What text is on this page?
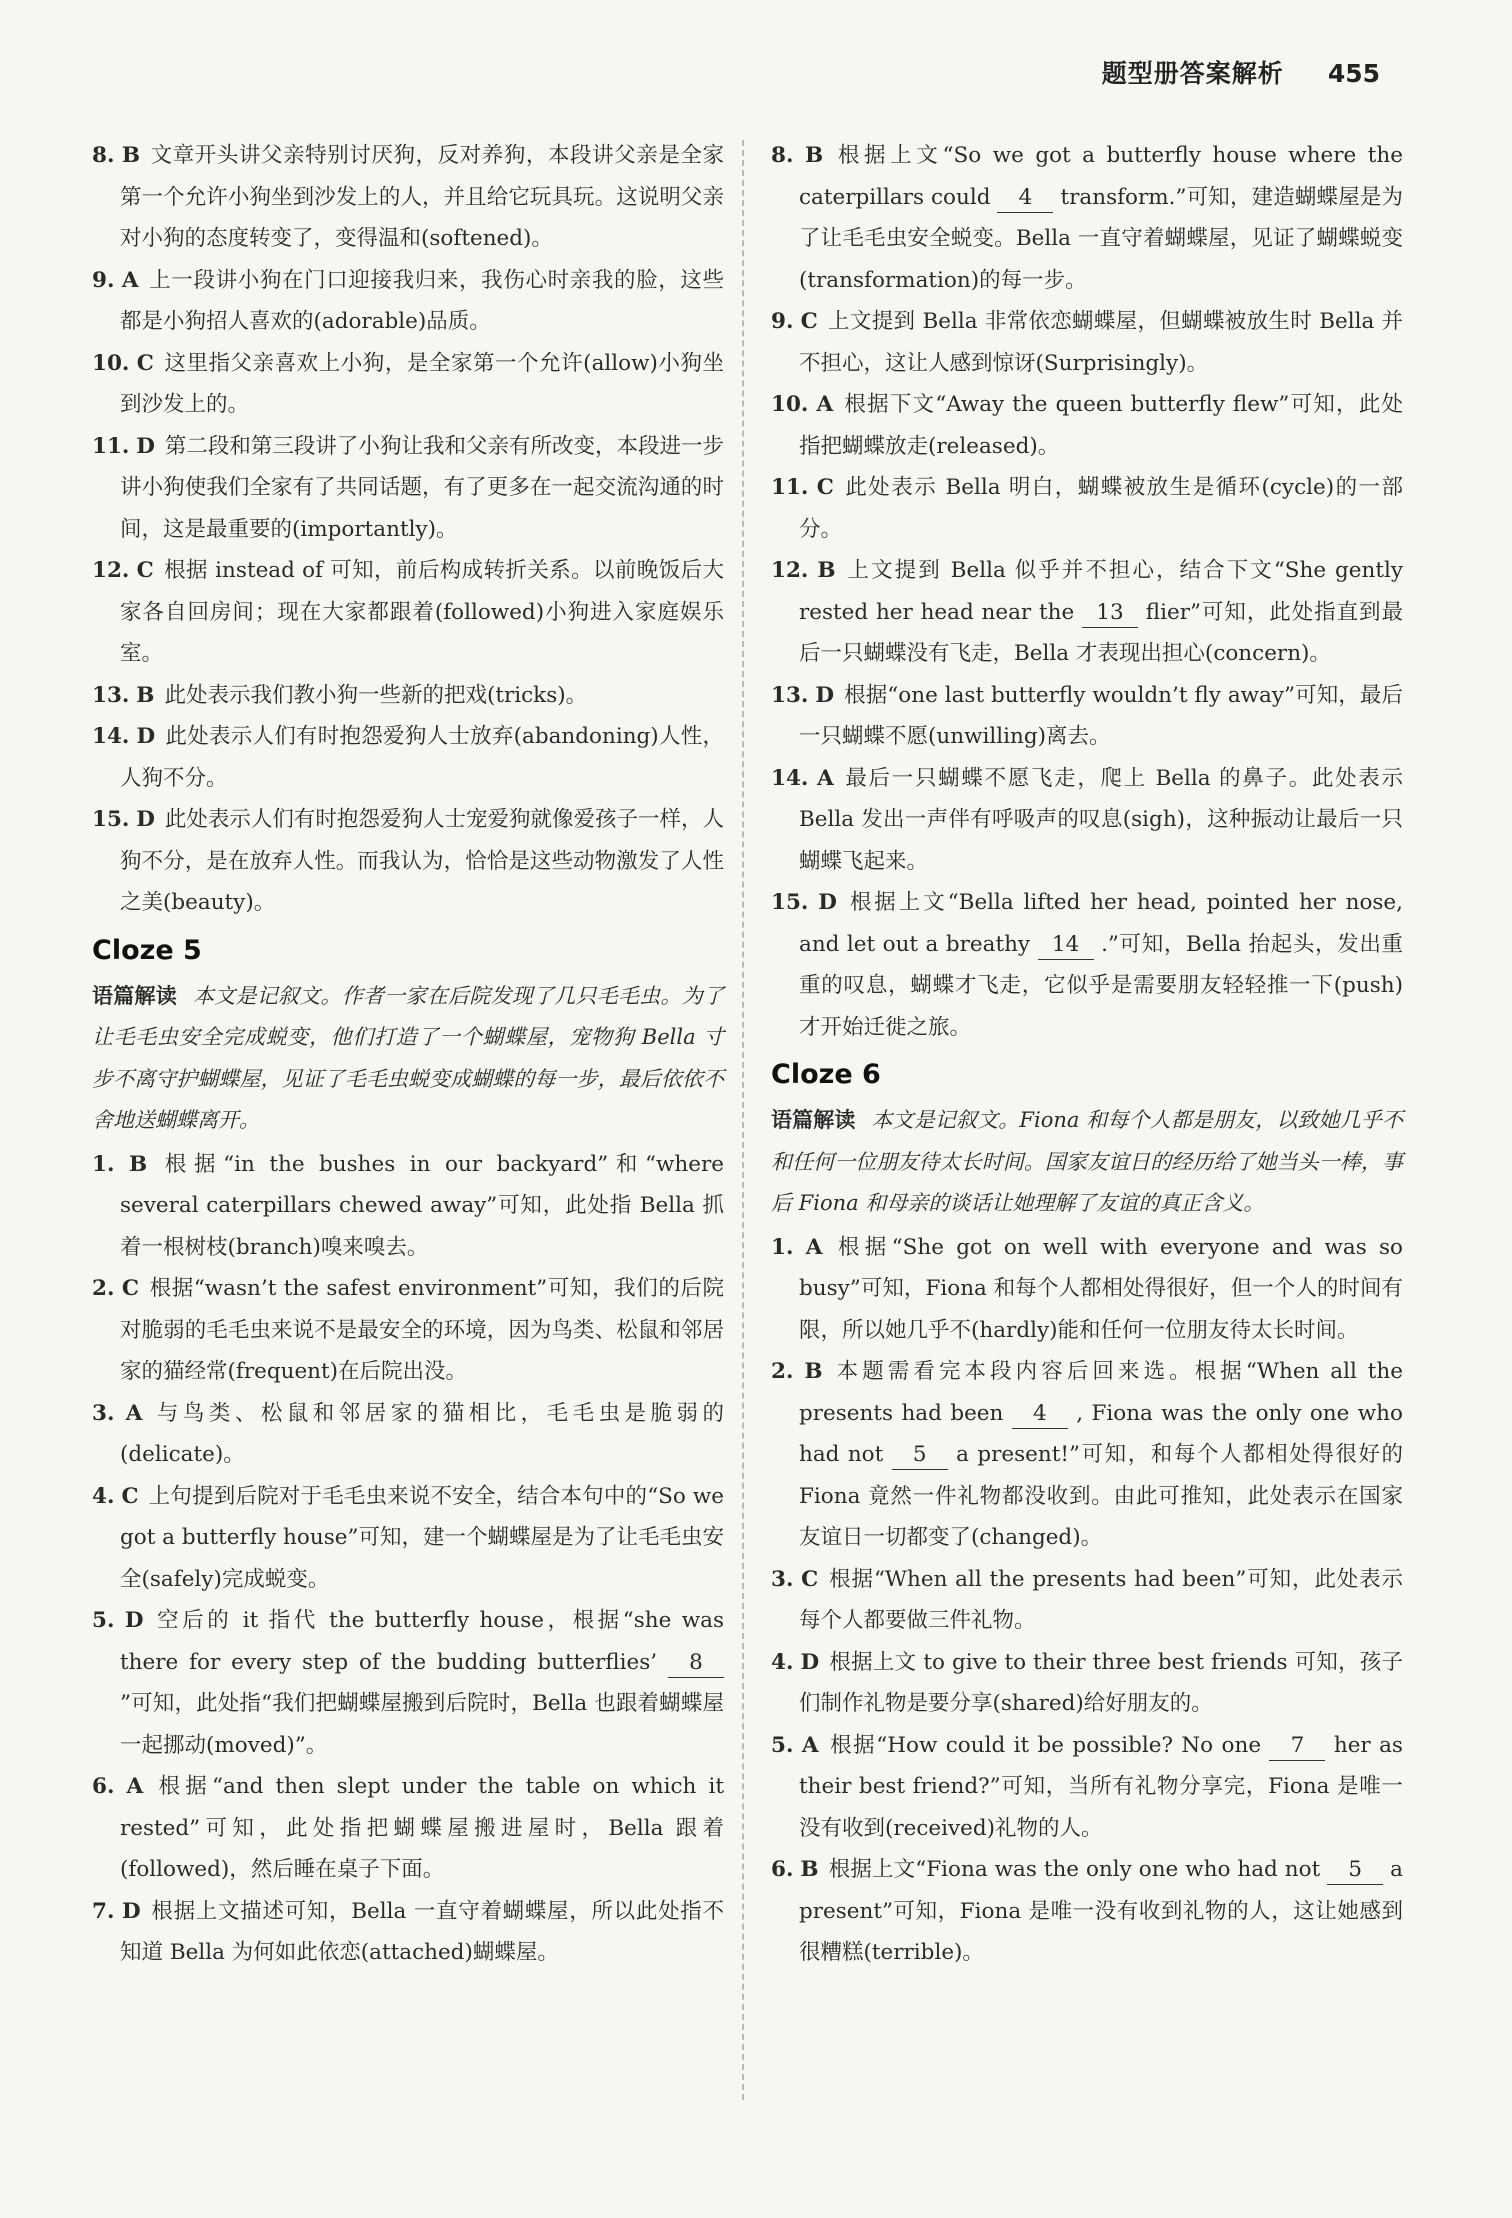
题型册答案解析 455

8. B 文章开头讲父亲特别讨厌狗，反对养狗，本段讲父亲是全家第一个允许小狗坐到沙发上的人，并且给它玩具玩。这说明父亲对小狗的态度转变了，变得温和(softened)。

9. A 上一段讲小狗在门口迎接我归来，我伤心时亲我的脸，这些都是小狗招人喜欢的(adorable)品质。

10. C 这里指父亲喜欢上小狗，是全家第一个允许(allow)小狗坐到沙发上的。

11. D 第二段和第三段讲了小狗让我和父亲有所改变，本段进一步讲小狗使我们全家有了共同话题，有了更多在一起交流沟通的时间，这是最重要的(importantly)。

12. C 根据 instead of 可知，前后构成转折关系。以前晚饭后大家各自回房间；现在大家都跟着(followed)小狗进入家庭娱乐室。

13. B 此处表示我们教小狗一些新的把戏(tricks)。

14. D 此处表示人们有时抱怨爱狗人士放弃(abandoning)人性，人狗不分。

15. D 此处表示人们有时抱怨爱狗人士宠爱狗就像爱孩子一样，人狗不分，是在放弃人性。而我认为，恰恰是这些动物激发了人性之美(beauty)。

Cloze 5

语篇解读 本文是记叙文。作者一家在后院发现了几只毛毛虫。为了让毛毛虫安全完成蜕变，他们打造了一个蝴蝶屋，宠物狗 Bella 寸步不离守护蝴蝶屋，见证了毛毛虫蜕变成蝴蝶的每一步，最后依依不舍地送蝴蝶离开。

1. B 根据“in the bushes in our backyard”和“where several caterpillars chewed away”可知，此处指 Bella 抓着一根树枝(branch)嗅来嗅去。

2. C 根据“wasn’t the safest environment”可知，我们的后院对脆弱的毛毛虫来说不是最安全的环境，因为鸟类、松鼠和邻居家的猫经常(frequent)在后院出没。

3. A 与鸟类、松鼠和邻居家的猫相比，毛毛虫是脆弱的(delicate)。

4. C 上句提到后院对于毛毛虫来说不安全，结合本句中的“So we got a butterfly house”可知，建一个蝴蝶屋是为了让毛毛虫安全(safely)完成蜕变。

5. D 空后的 it 指代 the butterfly house，根据“she was there for every step of the budding butterflies’ 8 ”可知，此处指“我们把蝴蝶屋搬到后院时，Bella 也跟着蝴蝶屋一起挪动(moved)”。

6. A 根据“and then slept under the table on which it rested”可知，此处指把蝴蝶屋搬进屋时，Bella 跟着(followed)，然后睡在桌子下面。

7. D 根据上文描述可知，Bella 一直守着蝴蝶屋，所以此处指不知道 Bella 为何如此依恋(attached)蝴蝶屋。

8. B 根据上文“So we got a butterfly house where the caterpillars could 4 transform.”可知，建造蝴蝶屋是为了让毛毛虫安全蜕变。Bella 一直守着蝴蝶屋，见证了蝴蝶蜕变(transformation)的每一步。

9. C 上文提到 Bella 非常依恋蝴蝶屋，但蝴蝶被放生时 Bella 并不担心，这让人感到惊讶(Surprisingly)。

10. A 根据下文“Away the queen butterfly flew”可知，此处指把蝴蝶放走(released)。

11. C 此处表示 Bella 明白，蝴蝶被放生是循环(cycle)的一部分。

12. B 上文提到 Bella 似乎并不担心，结合下文“She gently rested her head near the 13 flier”可知，此处指直到最后一只蝴蝶没有飞走，Bella 才表现出担心(concern)。

13. D 根据“one last butterfly wouldn’t fly away”可知，最后一只蝴蝶不愿(unwilling)离去。

14. A 最后一只蝴蝶不愿飞走，爬上 Bella 的鼻子。此处表示 Bella 发出一声伴有呼吸声的叹息(sigh)，这种振动让最后一只蝴蝶飞起来。

15. D 根据上文“Bella lifted her head, pointed her nose, and let out a breathy 14 .”可知，Bella 抬起头，发出重重的叹息，蝴蝶才飞走，它似乎是需要朋友轻轻推一下(push)才开始迁徙之旅。

Cloze 6

语篇解读 本文是记叙文。Fiona 和每个人都是朋友，以致她几乎不和任何一位朋友待太长时间。国家友谊日的经历给了她当头一棒，事后 Fiona 和母亲的谈话让她理解了友谊的真正含义。

1. A 根据“She got on well with everyone and was so busy”可知，Fiona 和每个人都相处得很好，但一个人的时间有限，所以她几乎不(hardly)能和任何一位朋友待太长时间。

2. B 本题需看完本段内容后回来选。根据“When all the presents had been 4 , Fiona was the only one who had not 5 a present!”可知，和每个人都相处得很好的 Fiona 竟然一件礼物都没收到。由此可推知，此处表示在国家友谊日一切都变了(changed)。

3. C 根据“When all the presents had been”可知，此处表示每个人都要做三件礼物。

4. D 根据上文 to give to their three best friends 可知，孩子们制作礼物是要分享(shared)给好朋友的。

5. A 根据“How could it be possible? No one 7 her as their best friend?”可知，当所有礼物分享完，Fiona 是唯一没有收到(received)礼物的人。

6. B 根据上文“Fiona was the only one who had not 5 a present”可知，Fiona 是唯一没有收到礼物的人，这让她感到很糟糕(terrible)。
